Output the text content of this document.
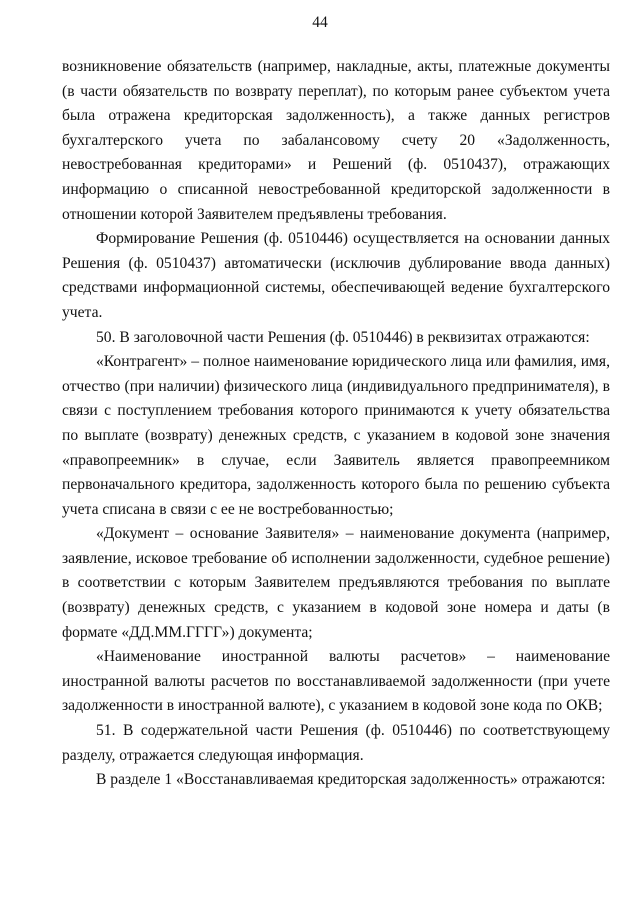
44

возникновение обязательств (например, накладные, акты, платежные документы (в части обязательств по возврату переплат), по которым ранее субъектом учета была отражена кредиторская задолженность), а также данных регистров бухгалтерского учета по забалансовому счету 20 «Задолженность, невостребованная кредиторами» и Решений (ф. 0510437), отражающих информацию о списанной невостребованной кредиторской задолженности в отношении которой Заявителем предъявлены требования.

Формирование Решения (ф. 0510446) осуществляется на основании данных Решения (ф. 0510437) автоматически (исключив дублирование ввода данных) средствами информационной системы, обеспечивающей ведение бухгалтерского учета.

50. В заголовочной части Решения (ф. 0510446) в реквизитах отражаются:

«Контрагент» – полное наименование юридического лица или фамилия, имя, отчество (при наличии) физического лица (индивидуального предпринимателя), в связи с поступлением требования которого принимаются к учету обязательства по выплате (возврату) денежных средств, с указанием в кодовой зоне значения «правопреемник» в случае, если Заявитель является правопреемником первоначального кредитора, задолженность которого была по решению субъекта учета списана в связи с ее не востребованностью;

«Документ – основание Заявителя» – наименование документа (например, заявление, исковое требование об исполнении задолженности, судебное решение) в соответствии с которым Заявителем предъявляются требования по выплате (возврату) денежных средств, с указанием в кодовой зоне номера и даты (в формате «ДД.ММ.ГГГГ») документа;

«Наименование иностранной валюты расчетов» – наименование иностранной валюты расчетов по восстанавливаемой задолженности (при учете задолженности в иностранной валюте), с указанием в кодовой зоне кода по ОКВ;

51. В содержательной части Решения (ф. 0510446) по соответствующему разделу, отражается следующая информация.

В разделе 1 «Восстанавливаемая кредиторская задолженность» отражаются:
